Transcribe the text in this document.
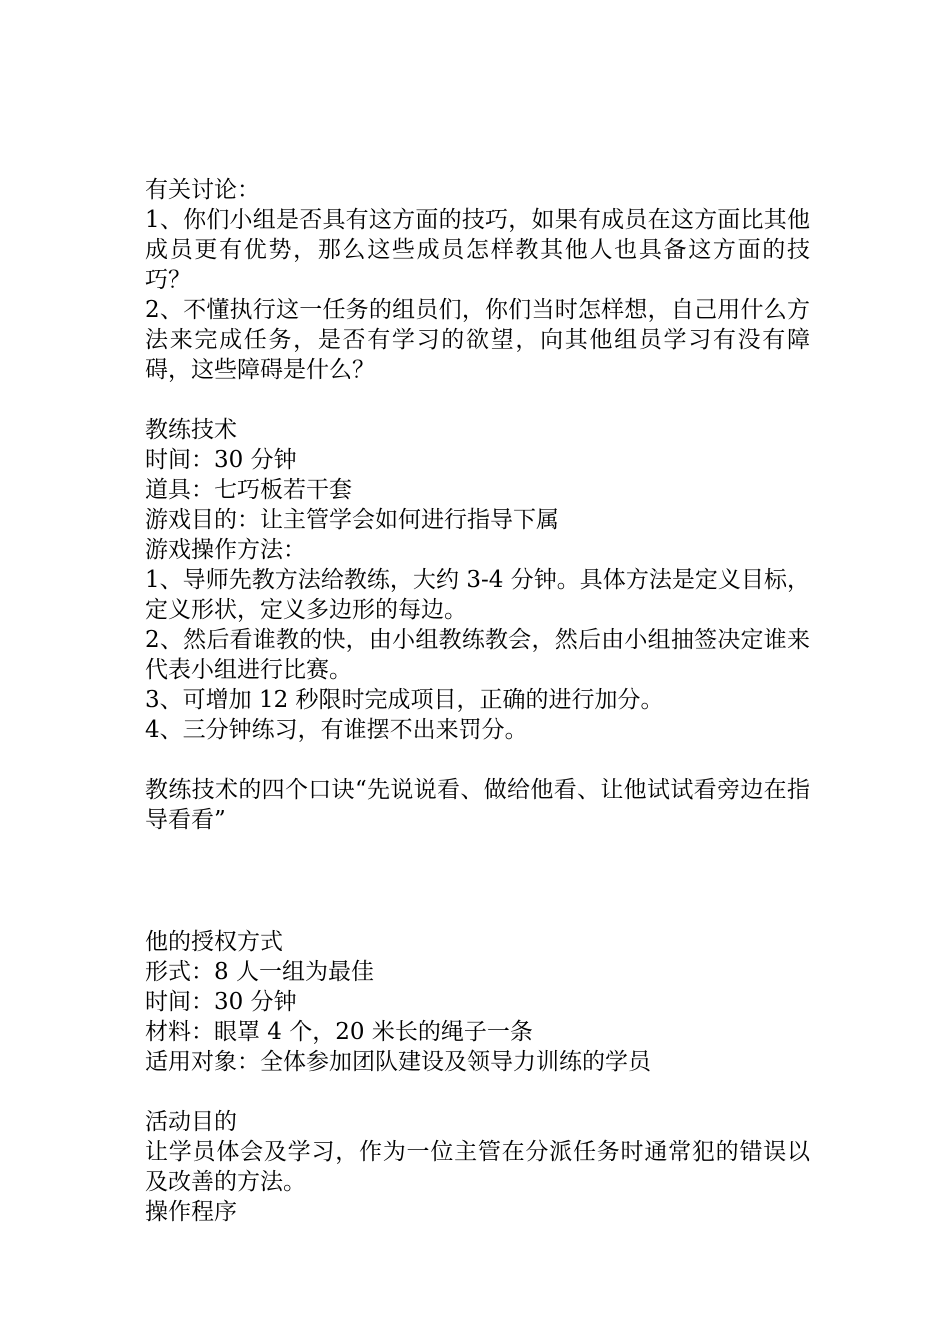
有关讨论：

1、你们小组是否具有这方面的技巧，如果有成员在这方面比其他成员更有优势，那么这些成员怎样教其他人也具备这方面的技巧？

2、不懂执行这一任务的组员们，你们当时怎样想，自己用什么方法来完成任务，是否有学习的欲望，向其他组员学习有没有障碍，这些障碍是什么？

教练技术

时间：30 分钟

道具：七巧板若干套

游戏目的：让主管学会如何进行指导下属

游戏操作方法：

1、导师先教方法给教练，大约 3-4 分钟。具体方法是定义目标，定义形状，定义多边形的每边。

2、然后看谁教的快，由小组教练教会，然后由小组抽签决定谁来代表小组进行比赛。

3、可增加 12 秒限时完成项目，正确的进行加分。

4、三分钟练习，有谁摆不出来罚分。

教练技术的四个口诀“先说说看、做给他看、让他试试看旁边在指导看看”

他的授权方式

形式：8 人一组为最佳

时间：30 分钟

材料：眼罩 4 个，20 米长的绳子一条

适用对象：全体参加团队建设及领导力训练的学员

活动目的

让学员体会及学习，作为一位主管在分派任务时通常犯的错误以及改善的方法。

操作程序
